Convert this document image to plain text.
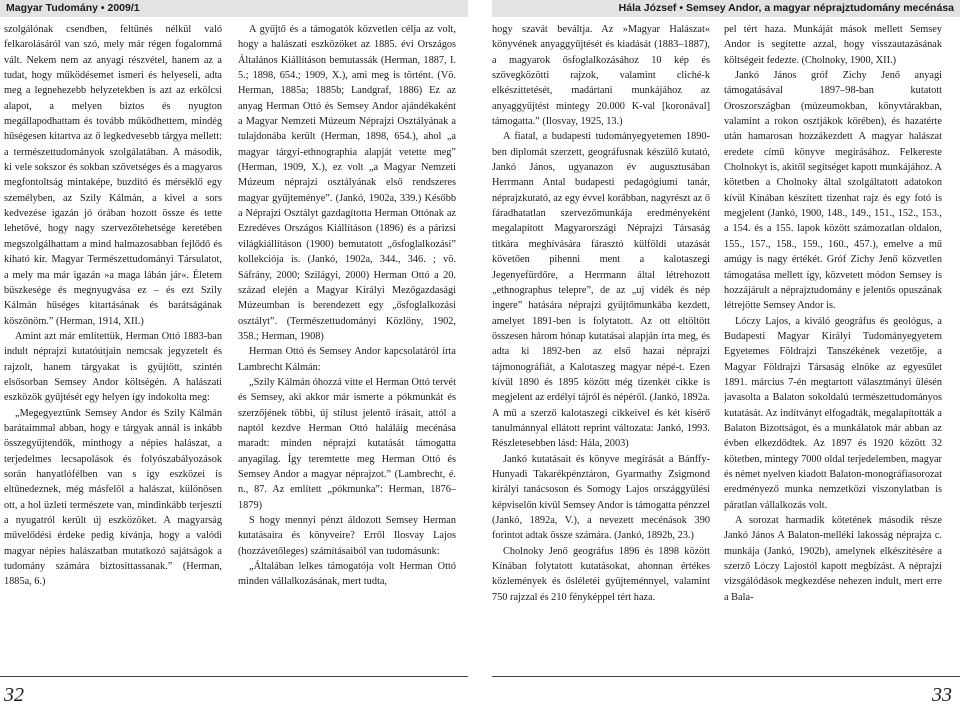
Magyar Tudomány • 2009/1

szolgálónak csendben, feltűnés nélkül való felkarolásáról van szó, mely már régen fogalommá vált. Nekem nem az anyagi részvétel, hanem az a tudat, hogy működésemet ismeri és helyeseli, adta meg a legnehezebb helyzetekben is azt az erkölcsi alapot, a melyen biztos és nyugton megállapodhattam és tovább működhettem, mindég hűségesen kitartva az ő legkedvesebb tárgya mellett: a természettudományok szolgálatában. A második, ki vele sokszor és sokban szövetséges és a magyaros megfontoltság mintaképe, buzdító és mérséklő egy személyben, az Szily Kálmán, a kivel a sors kedvezése igazán jó órában hozott össze és tette lehetővé, hogy nagy szervezőtehetsége keretében megszolgálhattam a mind halmazosabban fejlődő és kiható kir. Magyar Természettudományi Társulatot, a mely ma már igazán »a maga lábán jár«. Életem büszkesége és megnyugvása ez – és ezt Szily Kálmán hűséges kitartásának és barátságának köszönöm.” (Herman, 1914, XII.)

Amint azt már említettük, Herman Ottó 1883-ban indult néprajzi kutatóútjain nemcsak jegyzetelt és rajzolt, hanem tárgyakat is gyűjtött, szintén elsősorban Semsey Andor költségén. A halászati eszközök gyűjtését egy helyen így indokolta meg:

„Megegyeztünk Semsey Andor és Szily Kálmán barátaimmal abban, hogy e tárgyak annál is inkább összegyűjtendők, minthogy a népies halászat, a terjedelmes lecsapolások és folyószabályozások során hanyatlófélben van s így eszközei is eltűnedeznek, még másfelől a halászat, különösen ott, a hol üzleti természete van, mindinkább terjeszti a nyugatról került új eszközöket. A magyarság művelődési érdeke pedig kívánja, hogy a valódi magyar népies halászatban mutatkozó sajátságok a tudomány számára biztosíttassanak.” (Herman, 1885a, 6.)

A gyűjtő és a támogatók közvetlen célja az volt, hogy a halászati eszközöket az 1885. évi Országos Általános Kiállításon bemutassák (Herman, 1887, I. 5.; 1898, 654.; 1909, X.), ami meg is történt. (Vö. Herman, 1885a; 1885b; Landgraf, 1886) Ez az anyag Herman Ottó és Semsey Andor ajándékaként a Magyar Nemzeti Múzeum Néprajzi Osztályának a tulajdonába került (Herman, 1898, 654.), ahol „a magyar tárgyi-ethnographia alapját vetette meg” (Herman, 1909, X.), ez volt „a Magyar Nemzeti Múzeum néprajzi osztályának első rendszeres magyar gyűjteménye”. (Jankó, 1902a, 339.) Később a Néprajzi Osztályt gazdagította Herman Ottónak az Ezredéves Országos Kiállításon (1896) és a párizsi világkiállításon (1900) bemutatott „ősfoglalkozási” kollekciója is. (Jankó, 1902a, 344., 346. ; vö. Sáfrány, 2000; Szilágyi, 2000) Herman Ottó a 20. század elején a Magyar Királyi Mezőgazdasági Múzeumban is berendezett egy „ősfoglalkozási osztályt”. (Természettudományi Közlöny, 1902, 358.; Herman, 1908)

Herman Ottó és Semsey Andor kapcsolatáról írta Lambrecht Kálmán:

„Szily Kálmán óhozzá vitte el Herman Ottó tervét és Semsey, aki akkor már ismerte a pókmunkát és szerzőjének többi, új stílust jelentő írásait, attól a naptól kezdve Herman Ottó haláláig mecénása maradt: minden néprajzi kutatását támogatta anyagilag. Így teremtette meg Herman Ottó és Semsey Andor a magyar néprajzot.” (Lambrecht, é. n., 87. Az említett „pókmunka”: Herman, 1876–1879)

S hogy mennyi pénzt áldozott Semsey Herman kutatásaira és könyveire? Erről Ilosvay Lajos (hozzávetőleges) számításaiból van tudomásunk:

„Általában lelkes támogatója volt Herman Ottó minden vállalkozásának, mert tudta,

32
Hála József • Semsey Andor, a magyar néprajztudomány mecénása

hogy szavát beváltja. Az »Magyar Halászat« könyvének anyaggyűjtését és kiadását (1883–1887), a magyarok ősfoglalkozásához 10 kép és szövegközötti rajzok, valamint cliché-k elkészíttetését, madártani munkájához az anyaggyűjtést mintegy 20.000 K-val [koronával] támogatta.” (Ilosvay, 1925, 13.)

A fiatal, a budapesti tudományegyetemen 1890-ben diplomát szerzett, geográfusnak készülő kutató, Jankó János, ugyanazon év augusztusában Herrmann Antal budapesti pedagógiumi tanár, néprajzkutató, az egy évvel korábban, nagyrészt az ő fáradhatatlan szervezőmunkája eredményeként megalapított Magyarországi Néprajzi Társaság titkára meghívására fárasztó külföldi utazását követően pihenni ment a kalotaszegi Jegenyefürdőre, a Herrmann által létrehozott „ethnographus telepre”, de az „uj vidék és nép ingere” hatására néprajzi gyűjtőmunkába kezdett, amelyet 1891-ben is folytatott. Az ott eltöltött összesen három hónap kutatásai alapján írta meg, és adta ki 1892-ben az első hazai néprajzi tájmonográfiát, a Kalotaszeg magyar népé-t. Ezen kívül 1890 és 1895 között még tizenkét cikke is megjelent az erdélyi tájról és népéről. (Jankó, 1892a. A mű a szerző kalotaszegi cikkeivel és két kísérő tanulmánnyal ellátott reprint változata: Jankó, 1993. Részletesebben lásd: Hála, 2003)

Jankó kutatásait és könyve megírását a Bánffy-Hunyadi Takarékpénztáron, Gyarmathy Zsigmond királyi tanácsoson és Somogy Lajos országgyűlési képviselőn kívül Semsey Andor is támogatta pénzzel (Jankó, 1892a, V.), a nevezett mecénások 390 forintot adtak össze számára. (Jankó, 1892b, 23.)

Cholnoky Jenő geográfus 1896 és 1898 között Kínában folytatott kutatásokat, ahonnan értékes közlemények és ősléletéi gyűjteménnyel, valamint 750 rajzzal és 210 fényképpel tért haza.

pel tért haza. Munkáját mások mellett Semsey Andor is segítette azzal, hogy visszautazásának költségeit fedezte. (Cholnoky, 1900, XII.)

Jankó János gróf Zichy Jenő anyagi támogatásával 1897–98-ban kutatott Oroszországban (múzeumokban, könyvtárakban, valamint a rokon osztjákok körében), és hazatérte után hamarosan hozzákezdett A magyar halászat eredete című könyve megírásához. Felkereste Cholnokyt is, akitől segítséget kapott munkájához. A kötetben a Cholnoky által szolgáltatott adatokon kívül Kínában készített tizenhat rajz és egy fotó is megjelent (Jankó, 1900, 148., 149., 151., 152., 153., a 154. és a 155. lapok között számozatlan oldalon, 155., 157., 158., 159., 160., 457.), emelve a mű amúgy is nagy értékét. Gróf Zichy Jenő közvetlen támogatása mellett így, közvetett módon Semsey is hozzájárult a néprajztudomány e jelentős opuszának létrejötte Semsey Andor is.

Lóczy Lajos, a kiváló geográfus és geológus, a Budapesti Magyar Királyi Tudományegyetem Egyetemes Földrajzi Tanszékének vezetője, a Magyar Földrajzi Társaság elnöke az egyesület 1891. március 7-én megtartott választmányi ülésén javasolta a Balaton sokoldalú természettudományos kutatását. Az indítványt elfogadták, megalapították a Balaton Bizottságot, és a munkálatok már abban az évben elkezdődtek. Az 1897 és 1920 között 32 kötetben, mintegy 7000 oldal terjedelemben, magyar és német nyelven kiadott Balaton-monográfiasorozat eredményező munka nemzetközi viszonylatban is páratlan vállalkozás volt.

A sorozat harmadik kötetének második része Jankó János A Balaton-melléki lakosság néprajza c. munkája (Jankó, 1902b), amelynek elkészítésére a szerző Lóczy Lajostól kapott megbízást. A néprajzi vizsgálódások megkezdése nehezen indult, mert erre a Bala-

33
